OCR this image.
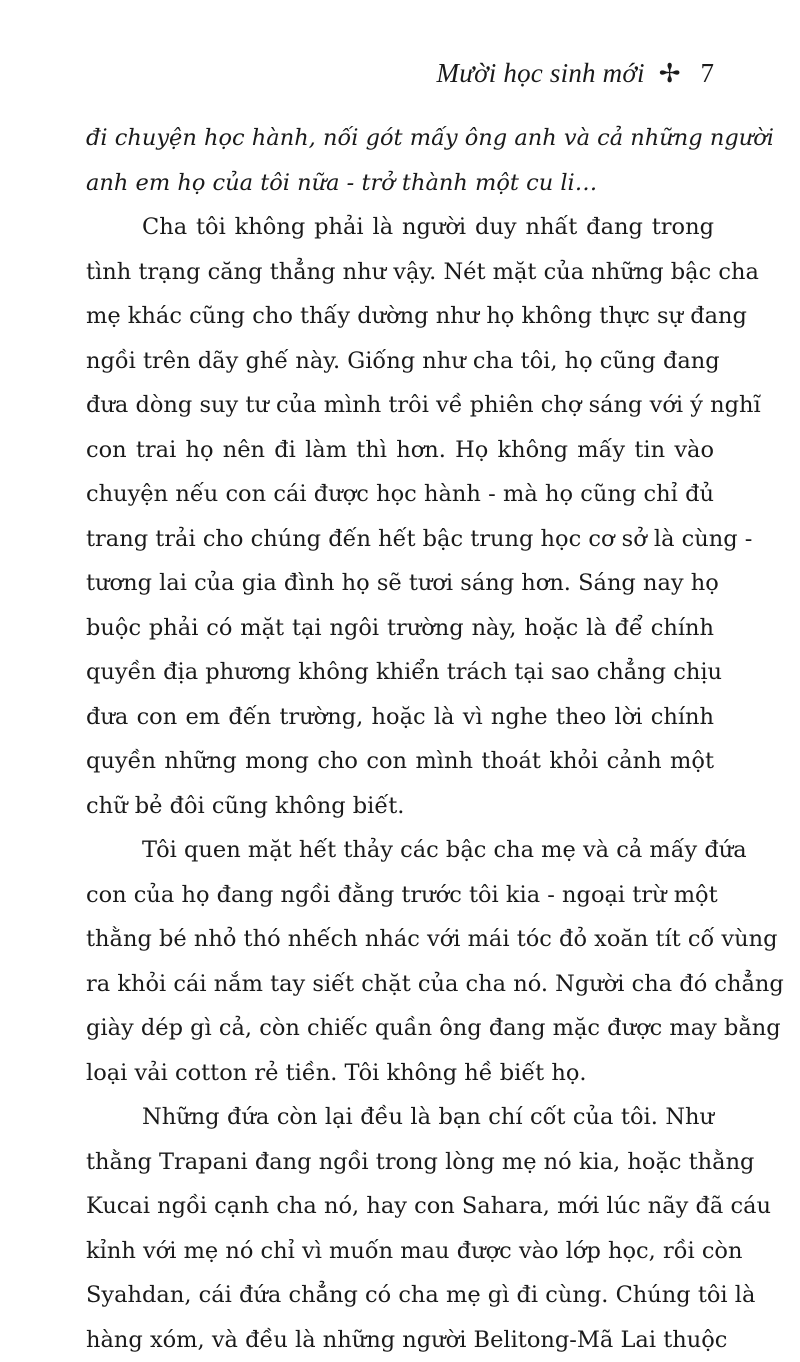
Mười học sinh mới ✢ 7
đi chuyện học hành, nối gót mấy ông anh và cả những người
anh em họ của tôi nữa - trở thành một cu li…
Cha tôi không phải là người duy nhất đang trong
tình trạng căng thẳng như vậy. Nét mặt của những bậc cha
mẹ khác cũng cho thấy dường như họ không thực sự đang
ngồi trên dãy ghế này. Giống như cha tôi, họ cũng đang
đưa dòng suy tư của mình trôi về phiên chợ sáng với ý nghĩ
con trai họ nên đi làm thì hơn. Họ không mấy tin vào
chuyện nếu con cái được học hành - mà họ cũng chỉ đủ
trang trải cho chúng đến hết bậc trung học cơ sở là cùng -
tương lai của gia đình họ sẽ tươi sáng hơn. Sáng nay họ
buộc phải có mặt tại ngôi trường này, hoặc là để chính
quyền địa phương không khiển trách tại sao chẳng chịu
đưa con em đến trường, hoặc là vì nghe theo lời chính
quyền những mong cho con mình thoát khỏi cảnh một
chữ bẻ đôi cũng không biết.
Tôi quen mặt hết thảy các bậc cha mẹ và cả mấy đứa
con của họ đang ngồi đằng trước tôi kia - ngoại trừ một
thằng bé nhỏ thó nhếch nhác với mái tóc đỏ xoăn tít cố vùng
ra khỏi cái nắm tay siết chặt của cha nó. Người cha đó chẳng
giày dép gì cả, còn chiếc quần ông đang mặc được may bằng
loại vải cotton rẻ tiền. Tôi không hề biết họ.
Những đứa còn lại đều là bạn chí cốt của tôi. Như
thằng Trapani đang ngồi trong lòng mẹ nó kia, hoặc thằng
Kucai ngồi cạnh cha nó, hay con Sahara, mới lúc nãy đã cáu
kỉnh với mẹ nó chỉ vì muốn mau được vào lớp học, rồi còn
Syahdan, cái đứa chẳng có cha mẹ gì đi cùng. Chúng tôi là
hàng xóm, và đều là những người Belitong-Mã Lai thuộc
